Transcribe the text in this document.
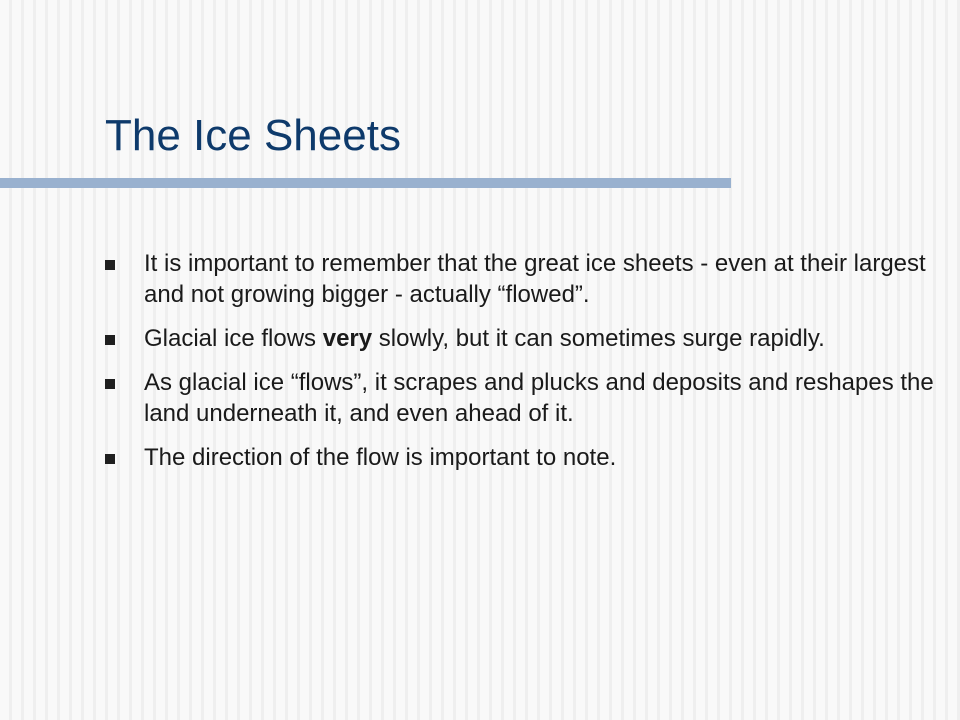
The Ice Sheets
It is important to remember that the great ice sheets - even at their largest and not growing bigger - actually “flowed”.
Glacial ice flows very slowly, but it can sometimes surge rapidly.
As glacial ice “flows”, it scrapes and plucks and deposits and reshapes the land underneath it, and even ahead of it.
The direction of the flow is important to note.
